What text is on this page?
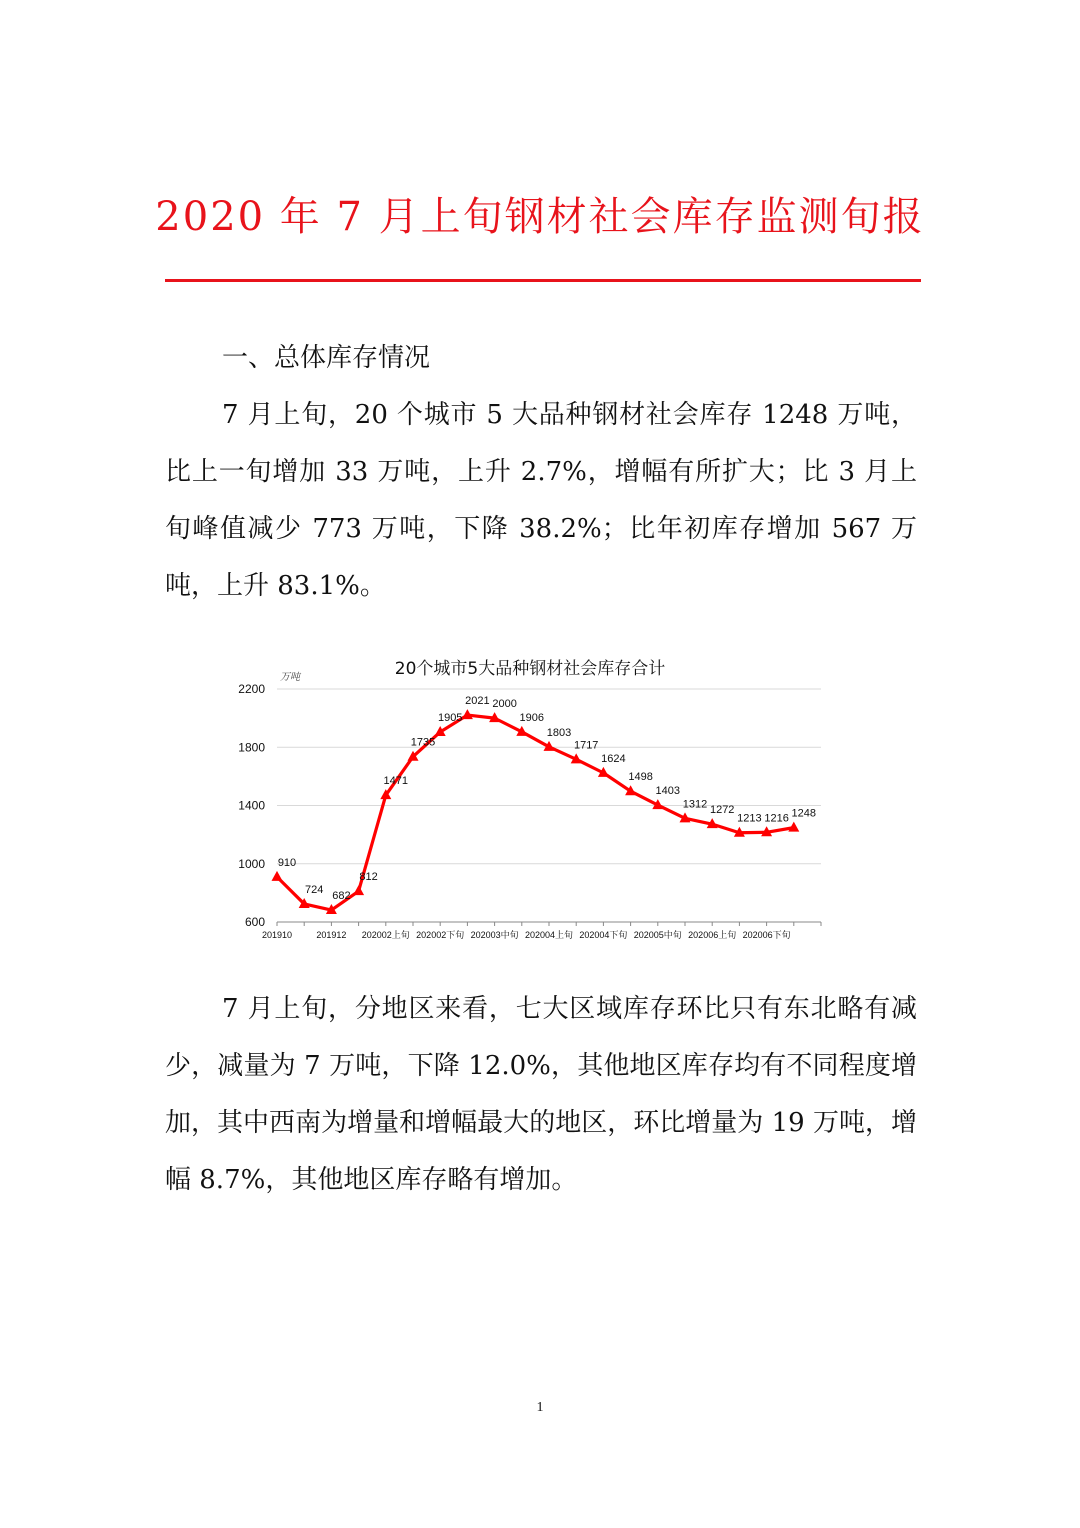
2020 年 7 月上旬钢材社会库存监测旬报
一、总体库存情况

7 月上旬，20 个城市 5 大品种钢材社会库存 1248 万吨，比上一旬增加 33 万吨，上升 2.7%，增幅有所扩大；比 3 月上旬峰值减少 773 万吨，下降 38.2%；比年初库存增加 567 万吨，上升 83.1%。

20个城市5大品种钢材社会库存合计
万吨
600
1000
1400
1800
2200
201910	201912 202002上旬 202002下旬 202003中旬 202004上旬 202004下旬 202005中旬 202006上旬 202006下旬
910
724
682
812
1471
1735
1905
2021 2000
1906
1803
1717
1624
1498
1403
1312 1272
1213 1216 1248

7 月上旬，分地区来看，七大区域库存环比只有东北略有减少，减量为 7 万吨，下降 12.0%，其他地区库存均有不同程度增加，其中西南为增量和增幅最大的地区，环比增量为 19 万吨，增幅 8.7%，其他地区库存略有增加。

1
